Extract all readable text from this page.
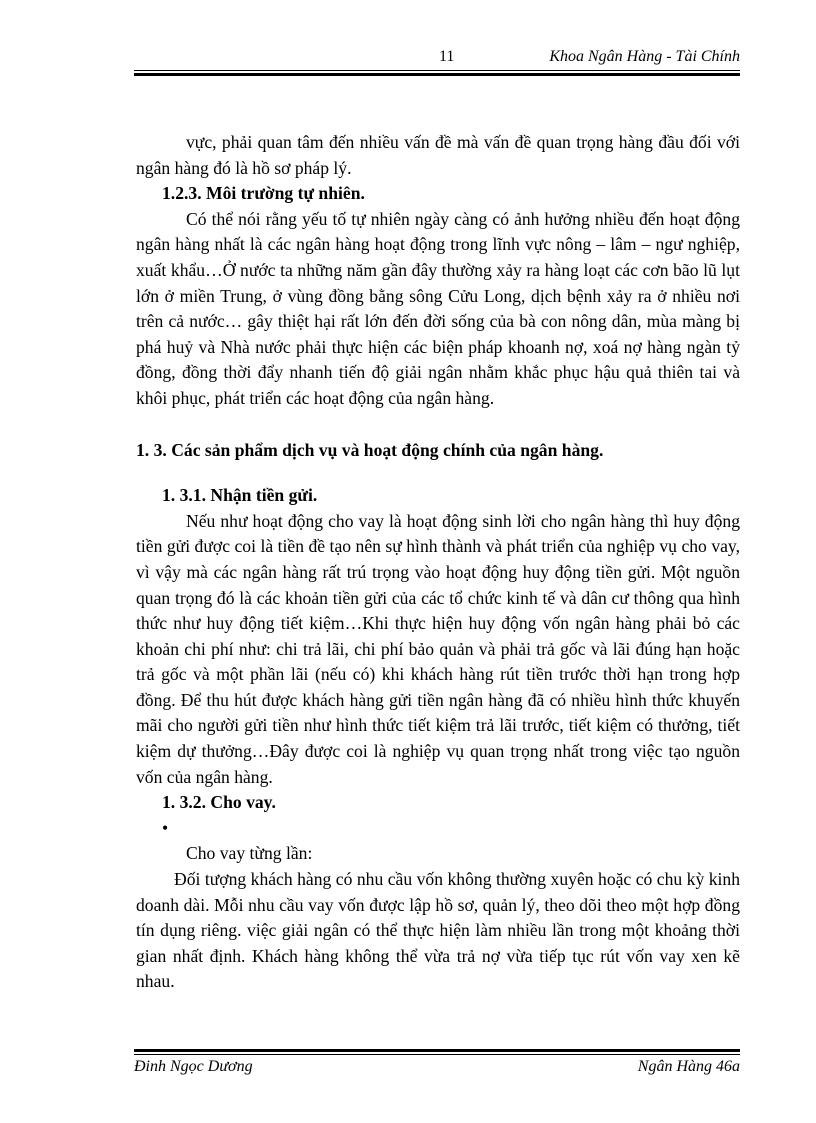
11	Khoa Ngân Hàng - Tài Chính

vực, phải quan tâm đến nhiều vấn đề mà vấn đề quan trọng hàng đầu đối với ngân hàng đó là hồ sơ pháp lý.

1.2.3. Môi trường tự nhiên.

Có thể nói rằng yếu tố tự nhiên ngày càng có ảnh hưởng nhiều đến hoạt động ngân hàng nhất là các ngân hàng hoạt động trong lĩnh vực nông – lâm – ngư nghiệp, xuất khẩu…Ở nước ta những năm gần đây thường xảy ra hàng loạt các cơn bão lũ lụt lớn ở miền Trung, ở vùng đồng bằng sông Cửu Long, dịch bệnh xảy ra ở nhiều nơi trên cả nước… gây thiệt hại rất lớn đến đời sống của bà con nông dân, mùa màng bị phá huỷ và Nhà nước phải thực hiện các biện pháp khoanh nợ, xoá nợ hàng ngàn tỷ đồng, đồng thời đẩy nhanh tiến độ giải ngân nhằm khắc phục hậu quả thiên tai và khôi phục, phát triển các hoạt động của ngân hàng.

1. 3. Các sản phẩm dịch vụ và hoạt động chính của ngân hàng.

1. 3.1. Nhận tiền gửi.

Nếu như hoạt động cho vay là hoạt động sinh lời cho ngân hàng thì huy động tiền gửi được coi là tiền đề tạo nên sự hình thành và phát triển của nghiệp vụ cho vay, vì vậy mà các ngân hàng rất trú trọng vào hoạt động huy động tiền gửi. Một nguồn quan trọng đó là các khoản tiền gửi của các tổ chức kinh tế và dân cư thông qua hình thức như huy động tiết kiệm…Khi thực hiện huy động vốn ngân hàng phải bỏ các khoản chi phí như: chi trả lãi, chi phí bảo quản và phải trả gốc và lãi đúng hạn hoặc trả gốc và một phần lãi (nếu có) khi khách hàng rút tiền trước thời hạn trong hợp đồng. Để thu hút được khách hàng gửi tiền ngân hàng đã có nhiều hình thức khuyến mãi cho người gửi tiền như hình thức tiết kiệm trả lãi trước, tiết kiệm có thưởng, tiết kiệm dự thưởng…Đây được coi là nghiệp vụ quan trọng nhất trong việc tạo nguồn vốn của ngân hàng.

1. 3.2. Cho vay.

•

Cho vay từng lần:

Đối tượng khách hàng có nhu cầu vốn không thường xuyên hoặc có chu kỳ kinh doanh dài. Mỗi nhu cầu vay vốn được lập hồ sơ, quản lý, theo dõi theo một hợp đồng tín dụng riêng. việc giải ngân có thể thực hiện làm nhiều lần trong một khoảng thời gian nhất định. Khách hàng không thể vừa trả nợ vừa tiếp tục rút vốn vay xen kẽ nhau.

Đinh Ngọc Dương	Ngân Hàng 46a
